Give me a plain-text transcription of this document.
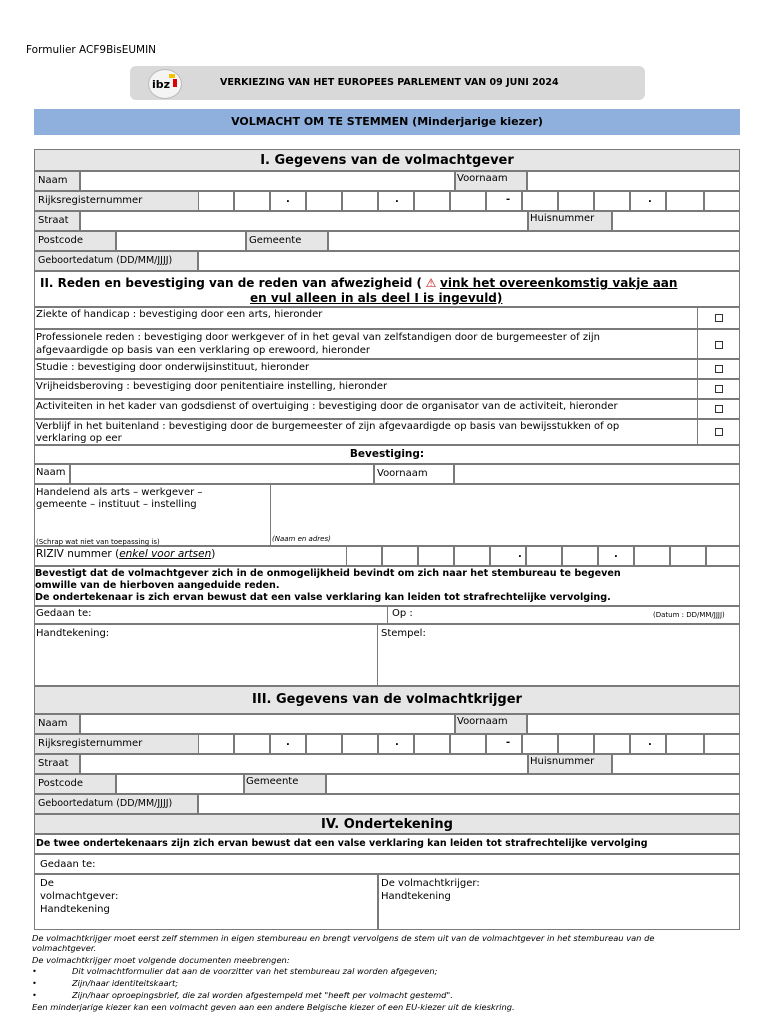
Formulier ACF9BisEUMIN
ibz	VERKIEZING VAN HET EUROPEES PARLEMENT VAN 09 JUNI 2024
VOLMACHT OM TE STEMMEN (Minderjarige kiezer)
I. Gegevens van de volmachtgever
Naam	Voornaam
Rijksregisternummer	.	.	-	.
Straat	Huisnummer
Postcode	Gemeente
Geboortedatum (DD/MM/JJJJ)
II. Reden en bevestiging van de reden van afwezigheid ( ⚠ vink het overeenkomstig vakje aan
en vul alleen in als deel I is ingevuld)
Ziekte of handicap : bevestiging door een arts, hieronder
Professionele reden : bevestiging door werkgever of in het geval van zelfstandigen door de burgemeester of zijn
afgevaardigde op basis van een verklaring op erewoord, hieronder
Studie : bevestiging door onderwijsinstituut, hieronder
Vrijheidsberoving : bevestiging door penitentiaire instelling, hieronder
Activiteiten in het kader van godsdienst of overtuiging : bevestiging door de organisator van de activiteit, hieronder
Verblijf in het buitenland : bevestiging door de burgemeester of zijn afgevaardigde op basis van bewijsstukken of op
verklaring op eer
Bevestiging:
Naam	Voornaam
Handelend als arts – werkgever –
gemeente – instituut – instelling
(Schrap wat niet van toepassing is)	(Naam en adres)
RIZIV nummer (enkel voor artsen)	.	.
Bevestigt dat de volmachtgever zich in de onmogelijkheid bevindt om zich naar het stembureau te begeven
omwille van de hierboven aangeduide reden.
De ondertekenaar is zich ervan bewust dat een valse verklaring kan leiden tot strafrechtelijke vervolging.
Gedaan te:	Op :	(Datum : DD/MM/JJJJ)
Handtekening:	Stempel:
III. Gegevens van de volmachtkrijger
Naam	Voornaam
Rijksregisternummer	.	.	-	.
Straat	Huisnummer
Postcode	Gemeente
Geboortedatum (DD/MM/JJJJ)
IV. Ondertekening
De twee ondertekenaars zijn zich ervan bewust dat een valse verklaring kan leiden tot strafrechtelijke vervolging
Gedaan te:
De
volmachtgever:
Handtekening
De volmachtkrijger:
Handtekening
De volmachtkrijger moet eerst zelf stemmen in eigen stembureau en brengt vervolgens de stem uit van de volmachtgever in het stembureau van de
volmachtgever.
De volmachtkrijger moet volgende documenten meebrengen:
•	Dit volmachtformulier dat aan de voorzitter van het stembureau zal worden afgegeven;
•	Zijn/haar identiteitskaart;
•	Zijn/haar oproepingsbrief, die zal worden afgestempeld met "heeft per volmacht gestemd".
Een minderjarige kiezer kan een volmacht geven aan een andere Belgische kiezer of een EU-kiezer uit de kieskring.
